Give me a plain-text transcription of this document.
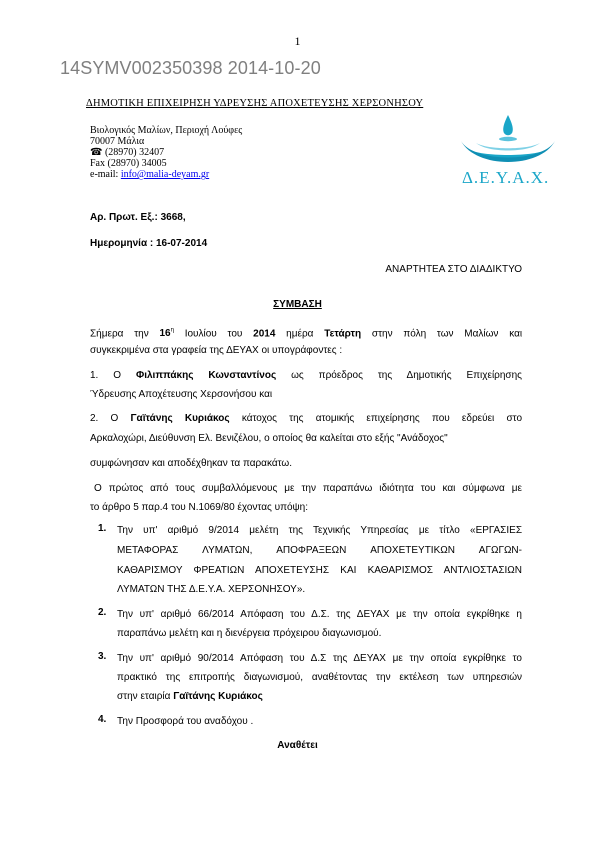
1
14SYMV002350398 2014-10-20
ΔΗΜΟΤΙΚΗ ΕΠΙΧΕΙΡΗΣΗ ΥΔΡΕΥΣΗΣ ΑΠΟΧΕΤΕΥΣΗΣ ΧΕΡΣΟΝΗΣΟΥ
Βιολογικός Μαλίων, Περιοχή Λούφες
70007 Μάλια
☎ (28970) 32407
Fax (28970) 34005
e-mail: info@malia-deyam.gr	Δ.Ε.Υ.Α.Χ.
Αρ. Πρωτ. Εξ.: 3668,
Ημερομηνία : 16-07-2014
ΑΝΑΡΤΗΤΕΑ ΣΤΟ ΔΙΑΔΙΚΤΥΟ
ΣΥΜΒΑΣΗ
Σήμερα την $16^\eta$ Ιουλίου του 2014 ημέρα Τετάρτη στην πόλη των Μαλίων και
συγκεκριμένα στα γραφεία της ΔΕΥΑΧ οι υπογράφοντες :
1. Ο Φιλιππάκης Κωνσταντίνος ως πρόεδρος της Δημοτικής Επιχείρησης
Ύδρευσης Αποχέτευσης Χερσονήσου και
2. Ο Γαϊτάνης Κυριάκος κάτοχος της ατομικής επιχείρησης που εδρεύει στο
Αρκαλοχώρι, Διεύθυνση Ελ. Βενιζέλου, ο οποίος θα καλείται στο εξής "Ανάδοχος"
συμφώνησαν και αποδέχθηκαν τα παρακάτω.
Ο πρώτος από τους συμβαλλόμενους με την παραπάνω ιδιότητα του και σύμφωνα με
το άρθρο 5 παρ.4 του Ν.1069/80 έχοντας υπόψη:
1. Την υπ' αριθμό 9/2014 μελέτη της Τεχνικής Υπηρεσίας με τίτλο «ΕΡΓΑΣΙΕΣ
ΜΕΤΑΦΟΡΑΣ ΛΥΜΑΤΩΝ, ΑΠΟΦΡΑΞΕΩΝ ΑΠΟΧΕΤΕΥΤΙΚΩΝ ΑΓΩΓΩΝ-
ΚΑΘΑΡΙΣΜΟΥ ΦΡΕΑΤΙΩΝ ΑΠΟΧΕΤΕΥΣΗΣ ΚΑΙ ΚΑΘΑΡΙΣΜΟΣ ΑΝΤΛΙΟΣΤΑΣΙΩΝ
ΛΥΜΑΤΩΝ ΤΗΣ Δ.Ε.Υ.Α. ΧΕΡΣΟΝΗΣΟΥ».
2. Την υπ' αριθμό 66/2014 Απόφαση του Δ.Σ. της ΔΕΥΑΧ με την οποία εγκρίθηκε η
παραπάνω μελέτη και η διενέργεια πρόχειρου διαγωνισμού.
3. Την υπ' αριθμό 90/2014 Απόφαση του Δ.Σ της ΔΕΥΑΧ με την οποία εγκρίθηκε το
πρακτικό της επιτροπής διαγωνισμού, αναθέτοντας την εκτέλεση των υπηρεσιών
στην εταιρία Γαϊτάνης Κυριάκος
4. Την Προσφορά του αναδόχου .
Αναθέτει
